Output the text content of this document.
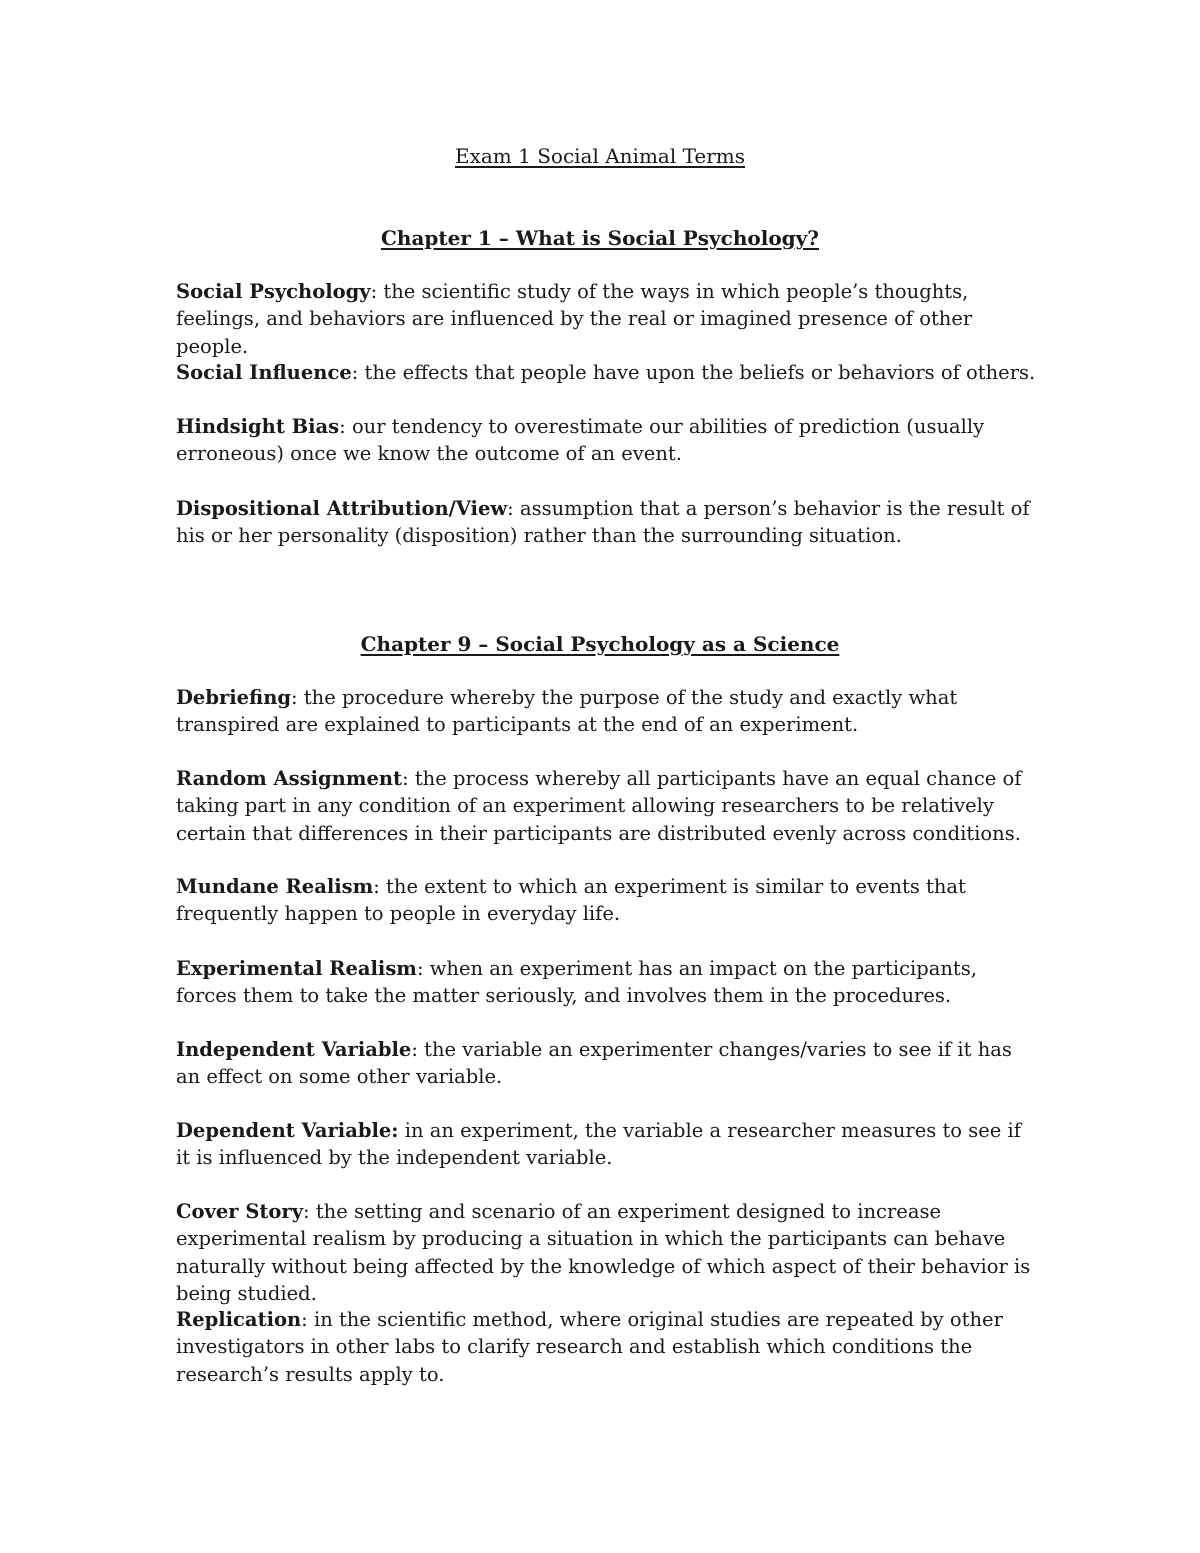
Exam 1 Social Animal Terms
Chapter 1 – What is Social Psychology?

Social Psychology: the scientific study of the ways in which people’s thoughts, feelings, and behaviors are influenced by the real or imagined presence of other people.

Social Influence: the effects that people have upon the beliefs or behaviors of others.

Hindsight Bias: our tendency to overestimate our abilities of prediction (usually erroneous) once we know the outcome of an event.

Dispositional Attribution/View: assumption that a person’s behavior is the result of his or her personality (disposition) rather than the surrounding situation.

Chapter 9 – Social Psychology as a Science

Debriefing: the procedure whereby the purpose of the study and exactly what transpired are explained to participants at the end of an experiment.

Random Assignment: the process whereby all participants have an equal chance of taking part in any condition of an experiment allowing researchers to be relatively certain that differences in their participants are distributed evenly across conditions.

Mundane Realism: the extent to which an experiment is similar to events that frequently happen to people in everyday life.

Experimental Realism: when an experiment has an impact on the participants, forces them to take the matter seriously, and involves them in the procedures.

Independent Variable: the variable an experimenter changes/varies to see if it has an effect on some other variable.

Dependent Variable: in an experiment, the variable a researcher measures to see if it is influenced by the independent variable.

Cover Story: the setting and scenario of an experiment designed to increase experimental realism by producing a situation in which the participants can behave naturally without being affected by the knowledge of which aspect of their behavior is being studied.

Replication: in the scientific method, where original studies are repeated by other investigators in other labs to clarify research and establish which conditions the research’s results apply to.
